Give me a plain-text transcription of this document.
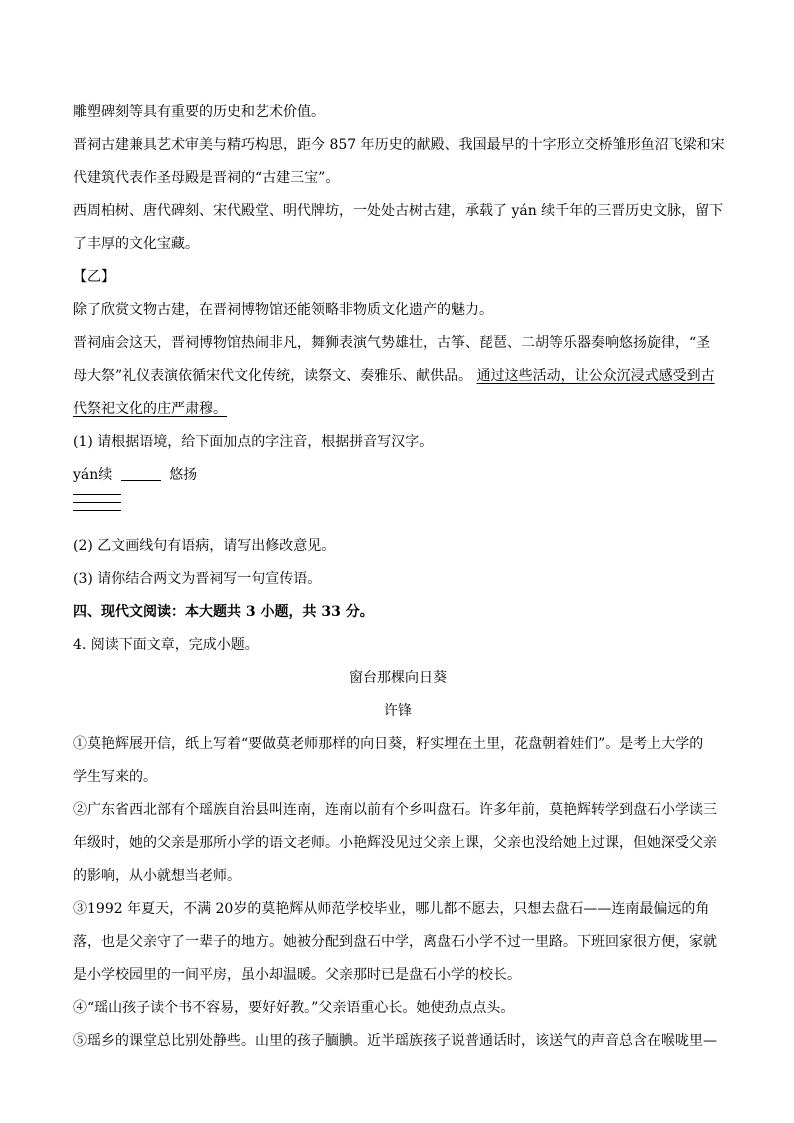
雕塑碑刻等具有重要的历史和艺术价值。
晋祠古建兼具艺术审美与精巧构思，距今 857 年历史的献殿、我国最早的十字形立交桥雏形鱼沼飞梁和宋
代建筑代表作圣母殿是晋祠的“古建三宝”。
西周柏树、唐代碑刻、宋代殿堂、明代牌坊，一处处古树古建，承载了 yán 续千年的三晋历史文脉，留下
了丰厚的文化宝藏。
【乙】
除了欣赏文物古建，在晋祠博物馆还能领略非物质文化遗产的魅力。
晋祠庙会这天，晋祠博物馆热闹非凡，舞狮表演气势雄壮，古筝、琵琶、二胡等乐器奏响悠扬旋律，“圣
母大祭”礼仪表演依循宋代文化传统，读祭文、奏雅乐、献供品。 通过这些活动，让公众沉浸式感受到古
代祭祀文化的庄严肃穆。
(1) 请根据语境，给下面加点的字注音，根据拼音写汉字。
yán续	悠扬
(2) 乙文画线句有语病，请写出修改意见。
(3) 请你结合两文为晋祠写一句宣传语。
四、现代文阅读：本大题共 3 小题，共 33 分。
4. 阅读下面文章，完成小题。
窗台那棵向日葵
许锋
①莫艳辉展开信，纸上写着“要做莫老师那样的向日葵，籽实埋在土里，花盘朝着娃们”。是考上大学的
学生写来的。
②广东省西北部有个瑶族自治县叫连南，连南以前有个乡叫盘石。许多年前，莫艳辉转学到盘石小学读三
年级时，她的父亲是那所小学的语文老师。小艳辉没见过父亲上课，父亲也没给她上过课，但她深受父亲
的影响，从小就想当老师。
③1992 年夏天，不满 20岁的莫艳辉从师范学校毕业，哪儿都不愿去，只想去盘石——连南最偏远的角
落，也是父亲守了一辈子的地方。她被分配到盘石中学，离盘石小学不过一里路。下班回家很方便，家就
是小学校园里的一间平房，虽小却温暖。父亲那时已是盘石小学的校长。
④“瑶山孩子读个书不容易，要好好教。”父亲语重心长。她使劲点点头。
⑤瑶乡的课堂总比别处静些。山里的孩子腼腆。近半瑶族孩子说普通话时，该送气的声音总含在喉咙里—
